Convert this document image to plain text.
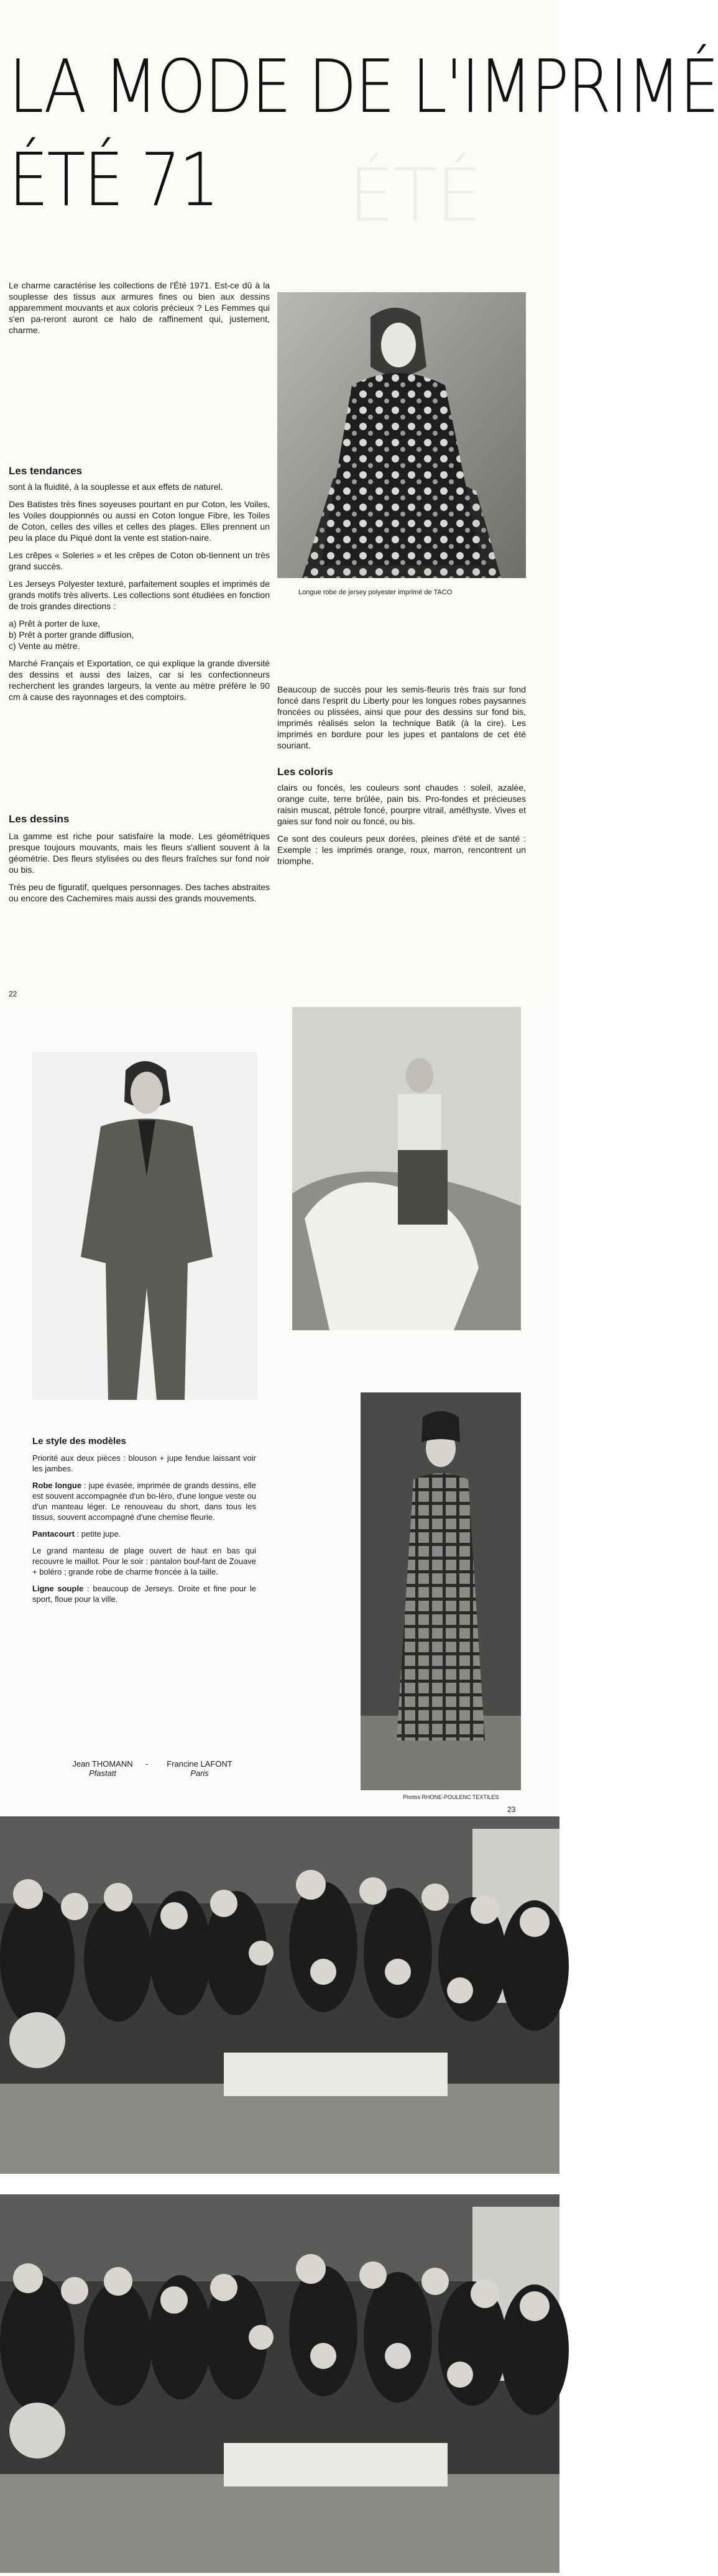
ÉTÉ
LA MODE DE L'IMPRIMÉ
ÉTÉ 71
Le charme caractérise les collections de l'Été 1971. Est-ce dû à la souplesse des tissus aux armures fines ou bien aux dessins apparemment mouvants et aux coloris précieux ? Les Femmes qui s'en pa-reront auront ce halo de raffinement qui, justement, charme.
Longue robe de jersey polyester imprimé de TACO
Les tendances

sont à la fluidité, à la souplesse et aux effets de naturel.

Des Batistes très fines soyeuses pourtant en pur Coton, les Voiles, les Voiles douppionnés ou aussi en Coton longue Fibre, les Toiles de Coton, celles des villes et celles des plages. Elles prennent un peu la place du Piqué dont la vente est station-naire.

Les crêpes « Soleries » et les crêpes de Coton ob-tiennent un très grand succès.

Les Jerseys Polyester texturé, parfaitement souples et imprimés de grands motifs très aliverts. Les collections sont étudiées en fonction de trois grandes directions :

a) Prêt à porter de luxe,
b) Prêt à porter grande diffusion,
c) Vente au mètre.

Marché Français et Exportation, ce qui explique la grande diversité des dessins et aussi des laizes, car si les confectionneurs recherchent les grandes largeurs, la vente au mètre préfère le 90 cm à cause des rayonnages et des comptoirs.

Les dessins

La gamme est riche pour satisfaire la mode. Les géométriques presque toujours mouvants, mais les fleurs s'allient souvent à la géométrie. Des fleurs stylisées ou des fleurs fraîches sur fond noir ou bis.

Très peu de figuratif, quelques personnages. Des taches abstraites ou encore des Cachemires mais aussi des grands mouvements.

Beaucoup de succès pour les semis-fleuris très frais sur fond foncé dans l'esprit du Liberty pour les longues robes paysannes froncées ou plissées, ainsi que pour des dessins sur fond bis, imprimés réalisés selon la technique Batik (à la cire). Les imprimés en bordure pour les jupes et pantalons de cet été souriant.

Les coloris

clairs ou foncés, les couleurs sont chaudes : soleil, azalée, orange cuite, terre brûlée, pain bis. Pro-fondes et précieuses raisin muscat, pétrole foncé, pourpre vitrail, améthyste. Vives et gaies sur fond noir ou foncé, ou bis.

Ce sont des couleurs peux dorées, pleines d'été et de santé : Exemple : les imprimés orange, roux, marron, rencontrent un triomphe.

22

Le style des modèles

Priorité aux deux pièces : blouson + jupe fendue laissant voir les jambes.

Robe longue : jupe évasée, imprimée de grands dessins, elle est souvent accompagnée d'un bo-léro, d'une longue veste ou d'un manteau léger. Le renouveau du short, dans tous les tissus, souvent accompagné d'une chemise fleurie.

Pantacourt : petite jupe.

Le grand manteau de plage ouvert de haut en bas qui recouvre le maillot. Pour le soir : pantalon bouf-fant de Zouave + boléro ; grande robe de charme froncée à la taille.

Ligne souple : beaucoup de Jerseys. Droite et fine pour le sport, floue pour la ville.

Jean THOMANN
Pfastatt
-	Francine LAFONT
Paris
Photos RHONE-POULENC TEXTILES
23
